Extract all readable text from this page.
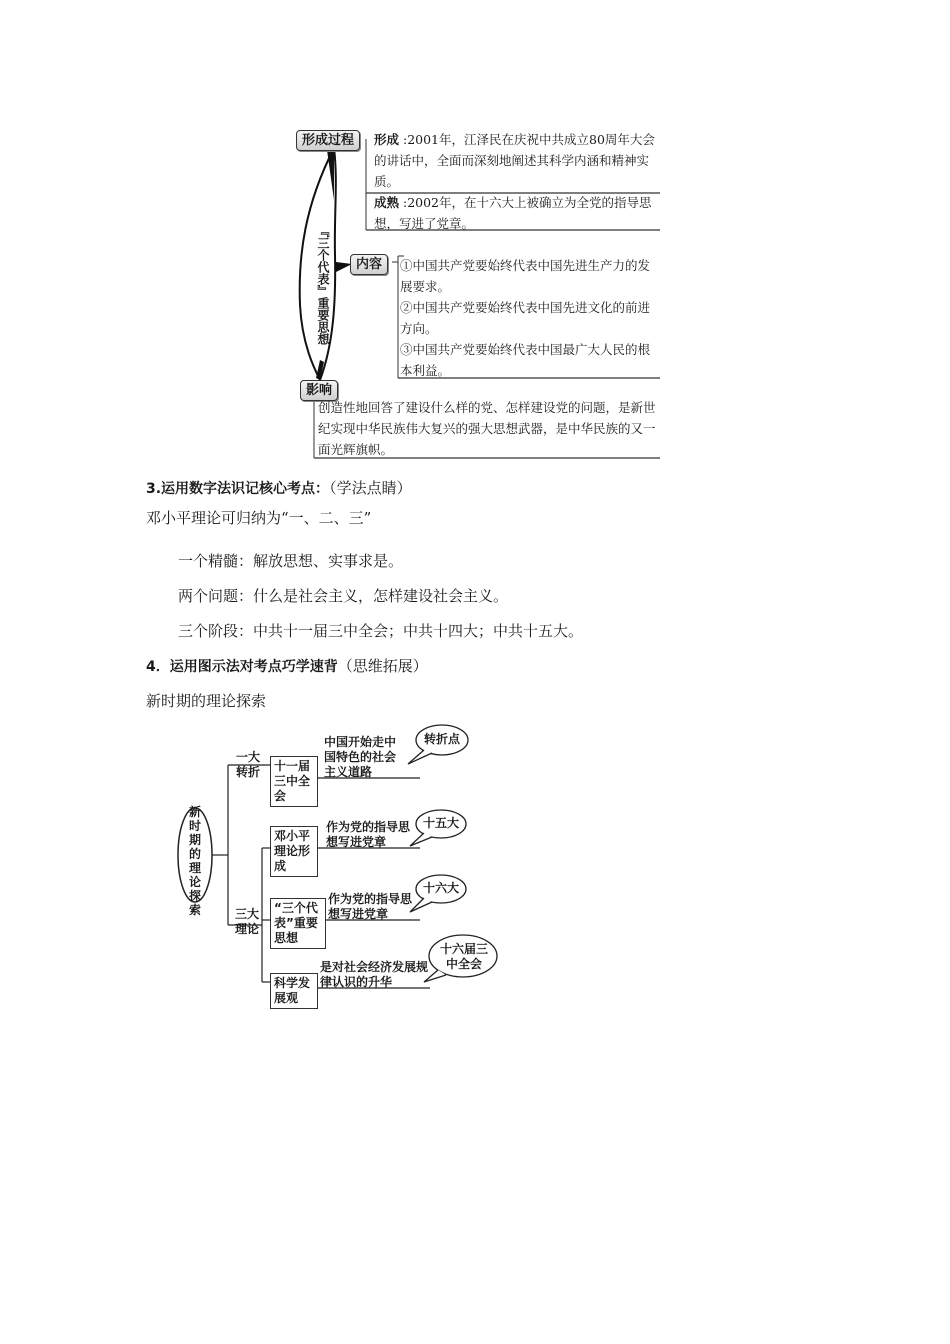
『三个代表』重要思想
形成过程	形成 :2001年，江泽民在庆祝中共成立80周年大会的讲话中，全面而深刻地阐述其科学内涵和精神实质。
成熟 :2002年，在十六大上被确立为全党的指导思想，写进了党章。
内容	①中国共产党要始终代表中国先进生产力的发展要求。
②中国共产党要始终代表中国先进文化的前进方向。
③中国共产党要始终代表中国最广大人民的根本利益。
影响
创造性地回答了建设什么样的党、怎样建设党的问题，是新世纪实现中华民族伟大复兴的强大思想武器，是中华民族的又一面光辉旗帜。
3.运用数字法识记核心考点：（学法点睛）
邓小平理论可归纳为“一、二、三”
一个精髓：解放思想、实事求是。
两个问题：什么是社会主义，怎样建设社会主义。
三个阶段：中共十一届三中全会；中共十四大；中共十五大。
4．运用图示法对考点巧学速背（思维拓展）
新时期的理论探索
新时期的理论探索
一大转折
三大理论
十一届三中全会
中国开始走中国特色的社会主义道路
转折点
邓小平理论形成
作为党的指导思想写进党章
十五大
“三个代表”重要思想
作为党的指导思想写进党章
十六大
科学发展观
是对社会经济发展规律认识的升华
十六届三中全会
